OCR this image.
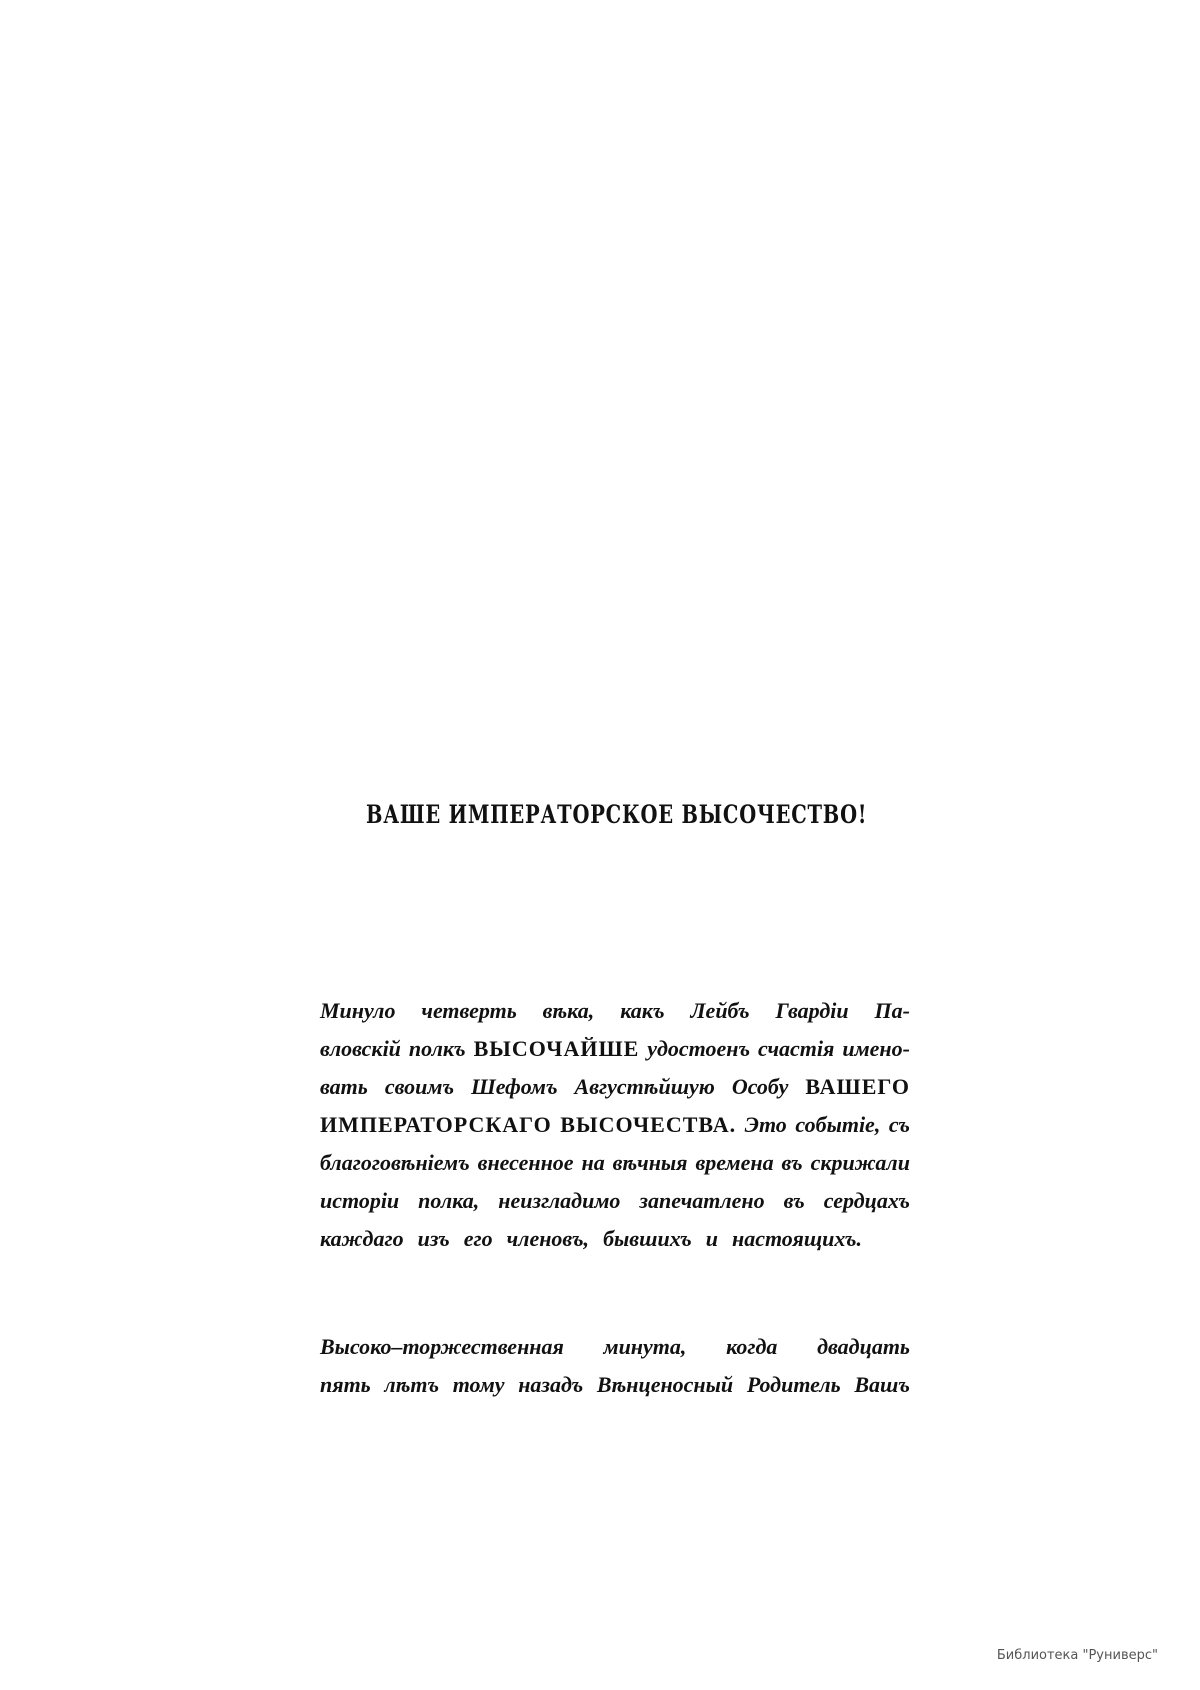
ВАШЕ ИМПЕРАТОРСКОЕ ВЫСОЧЕСТВО!
Минуло четверть вѣка, какъ Лейбъ Гвардіи Па-
вловскій полкъ ВЫСОЧАЙШЕ удостоенъ счастія имено-
вать своимъ Шефомъ Августѣйшую Особу ВАШЕГО
ИМПЕРАТОРСКАГО ВЫСОЧЕСТВА. Это событіе, съ
благоговѣніемъ внесенное на вѣчныя времена въ скрижали
исторіи полка, неизгладимо запечатлено въ сердцахъ
каждаго изъ его членовъ, бывшихъ и настоящихъ.
Высоко–торжественная минута, когда двадцать
пять лѣтъ тому назадъ Вѣнценосный Родитель Вашъ
Библиотека "Руниверс"
